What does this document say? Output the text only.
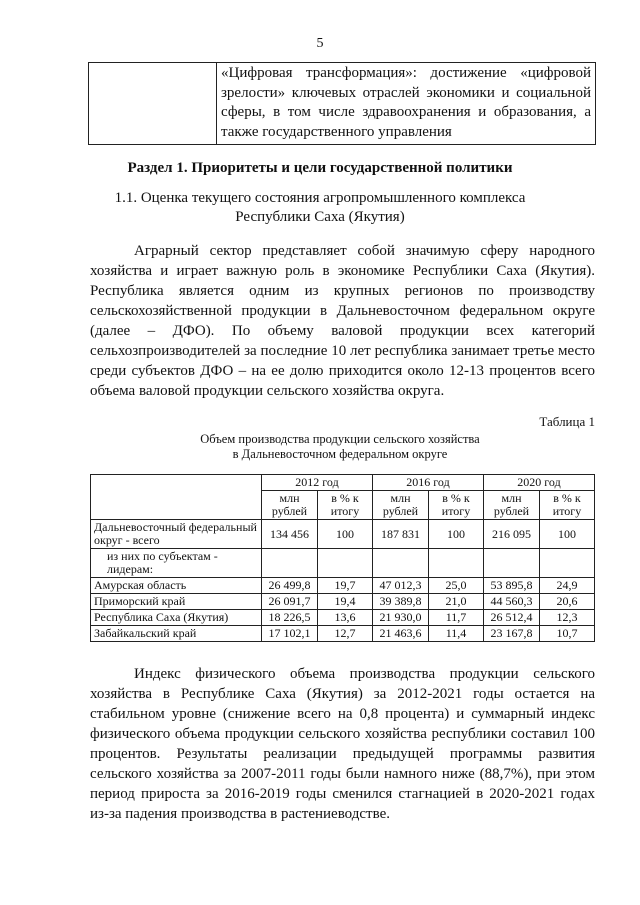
5

«Цифровая трансформация»: достижение «цифровой зрелости» ключевых отраслей экономики и социальной сферы, в том числе здравоохранения и образования, а также государственного управления
Раздел 1. Приоритеты и цели государственной политики
1.1. Оценка текущего состояния агропромышленного комплекса
Республики Саха (Якутия)

Аграрный сектор представляет собой значимую сферу народного хозяйства и играет важную роль в экономике Республики Саха (Якутия). Республика является одним из крупных регионов по производству сельскохозяйственной продукции в Дальневосточном федеральном округе (далее – ДФО). По объему валовой продукции всех категорий сельхозпроизводителей за последние 10 лет республика занимает третье место среди субъектов ДФО – на ее долю приходится около 12-13 процентов всего объема валовой продукции сельского хозяйства округа.

Таблица 1
Объем производства продукции сельского хозяйства
в Дальневосточном федеральном округе
	2012 год		2016 год		2020 год	
	млн рублей	в % к итогу	млн рублей	в % к итогу	млн рублей	в % к итогу
Дальневосточный федеральный округ - всего	134 456	100	187 831	100	216 095	100
из них по субъектам - лидерам:						
Амурская область	26 499,8	19,7	47 012,3	25,0	53 895,8	24,9
Приморский край	26 091,7	19,4	39 389,8	21,0	44 560,3	20,6
Республика Саха (Якутия)	18 226,5	13,6	21 930,0	11,7	26 512,4	12,3
Забайкальский край	17 102,1	12,7	21 463,6	11,4	23 167,8	10,7

Индекс физического объема производства продукции сельского хозяйства в Республике Саха (Якутия) за 2012-2021 годы остается на стабильном уровне (снижение всего на 0,8 процента) и суммарный индекс физического объема продукции сельского хозяйства республики составил 100 процентов. Результаты реализации предыдущей программы развития сельского хозяйства за 2007-2011 годы были намного ниже (88,7%), при этом период прироста за 2016-2019 годы сменился стагнацией в 2020-2021 годах из-за падения производства в растениеводстве.
